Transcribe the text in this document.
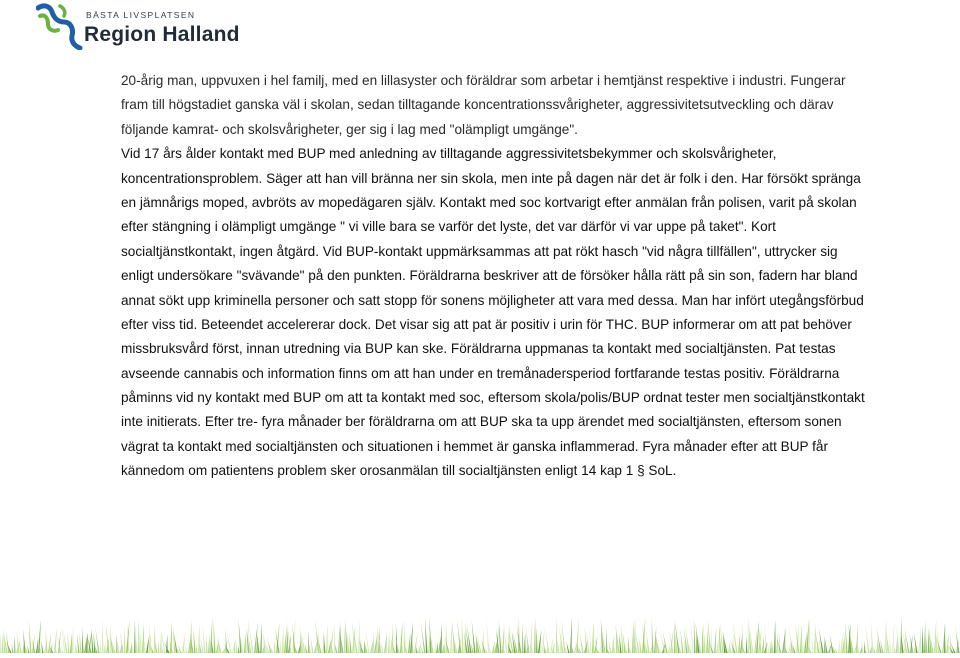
BÄSTA LIVSPLATSEN
Region Halland

20-årig man, uppvuxen i hel familj, med en lillasyster och föräldrar som arbetar i hemtjänst respektive i industri. Fungerar
fram till högstadiet ganska väl i skolan, sedan tilltagande koncentrationssvårigheter, aggressivitetsutveckling och därav
följande kamrat- och skolsvårigheter, ger sig i lag med "olämpligt umgänge".

Vid 17 års ålder kontakt med BUP med anledning av tilltagande aggressivitetsbekymmer och skolsvårigheter,
koncentrationsproblem. Säger att han vill bränna ner sin skola, men inte på dagen när det är folk i den. Har försökt spränga
en jämnårigs moped, avbröts av mopedägaren själv. Kontakt med soc kortvarigt efter anmälan från polisen, varit på skolan
efter stängning i olämpligt umgänge " vi ville bara se varför det lyste, det var därför vi var uppe på taket". Kort
socialtjänstkontakt, ingen åtgärd. Vid BUP-kontakt uppmärksammas att pat rökt hasch "vid några tillfällen", uttrycker sig
enligt undersökare "svävande" på den punkten. Föräldrarna beskriver att de försöker hålla rätt på sin son, fadern har bland
annat sökt upp kriminella personer och satt stopp för sonens möjligheter att vara med dessa. Man har infört utegångsförbud
efter viss tid. Beteendet accelererar dock. Det visar sig att pat är positiv i urin för THC. BUP informerar om att pat behöver
missbruksvård först, innan utredning via BUP kan ske. Föräldrarna uppmanas ta kontakt med socialtjänsten. Pat testas
avseende cannabis och information finns om att han under en tremånadersperiod fortfarande testas positiv. Föräldrarna
påminns vid ny kontakt med BUP om att ta kontakt med soc, eftersom skola/polis/BUP ordnat tester men socialtjänstkontakt
inte initierats. Efter tre- fyra månader ber föräldrarna om att BUP ska ta upp ärendet med socialtjänsten, eftersom sonen
vägrat ta kontakt med socialtjänsten och situationen i hemmet är ganska inflammerad. Fyra månader efter att BUP får
kännedom om patientens problem sker orosanmälan till socialtjänsten enligt 14 kap 1 § SoL.
